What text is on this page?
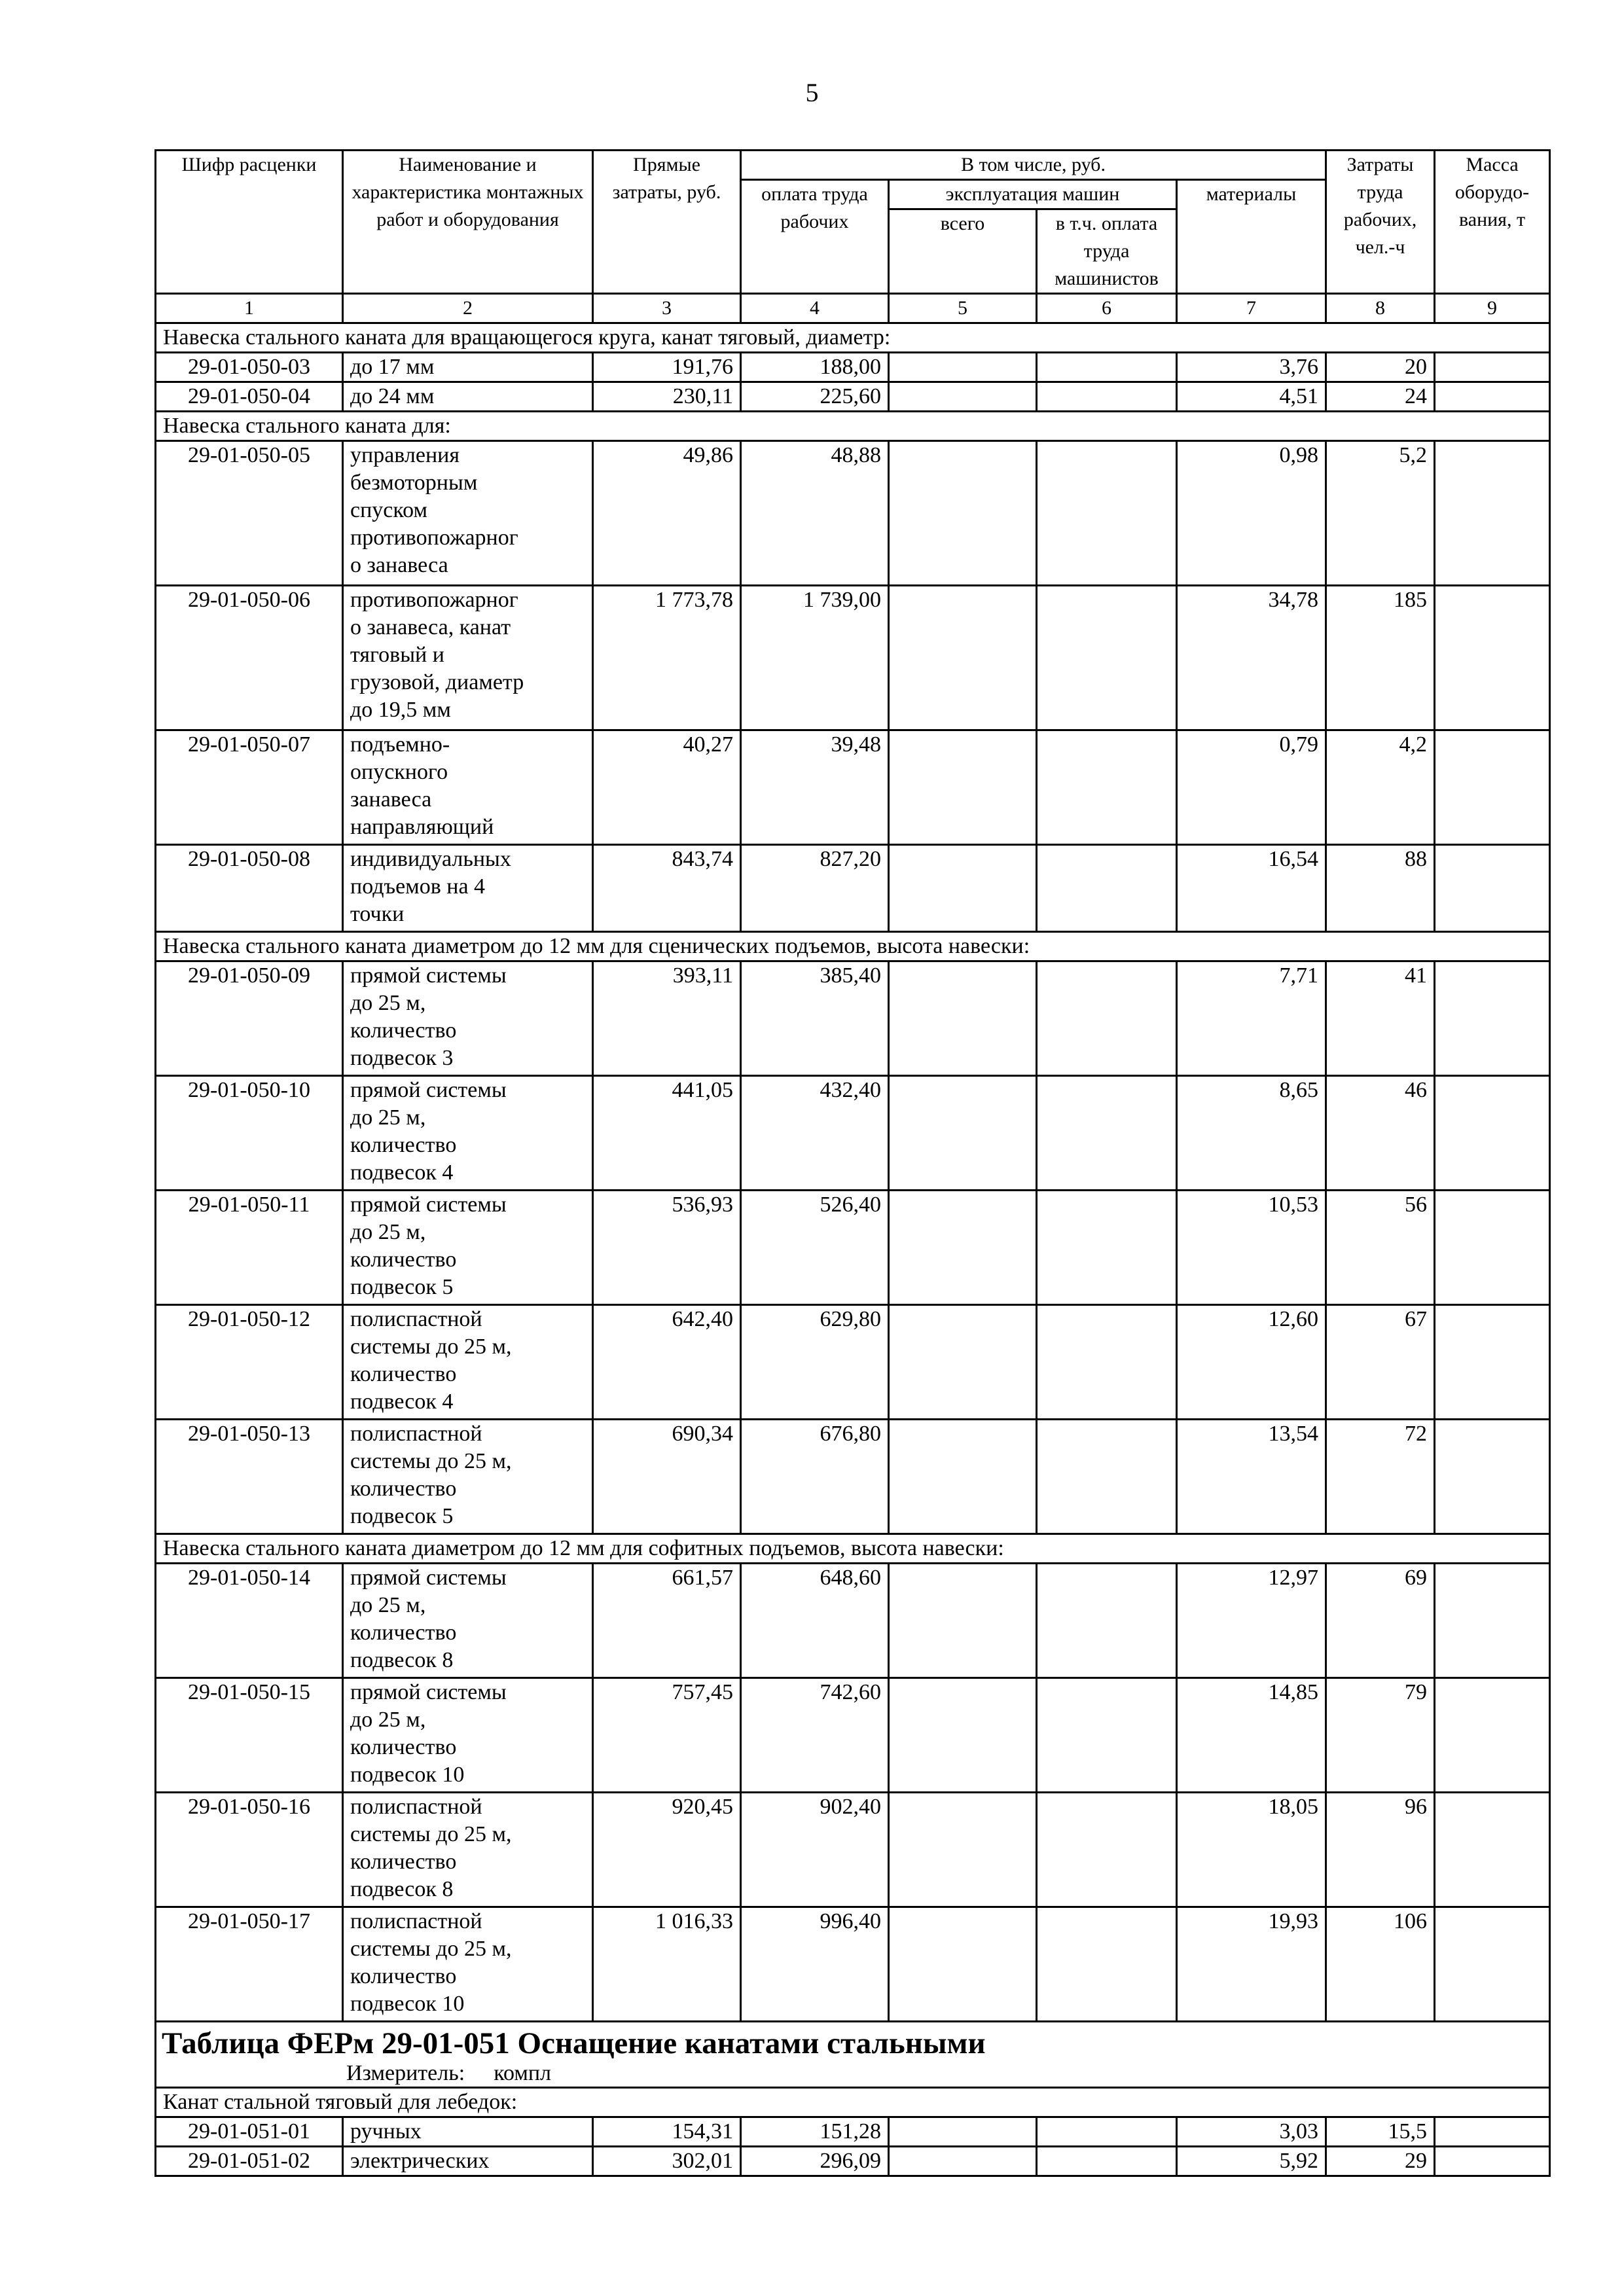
5
Шифр расценки	Наименование и характеристика монтажных работ и оборудования	Прямые затраты, руб.	В том числе, руб.				Затраты труда рабочих, чел.-ч	Масса оборудо-вания, т
			оплата труда рабочих	эксплуатация машин		материалы		
				всего	в т.ч. оплата труда машинистов			
1	2	3	4	5	6	7	8	9
Навеска стального каната для вращающегося круга, канат тяговый, диаметр:								
29-01-050-03	до 17 мм	191,76	188,00			3,76	20	
29-01-050-04	до 24 мм	230,11	225,60			4,51	24	
Навеска стального каната для:								
29-01-050-05	управления
безмоторным
спуском
противопожарног
о занавеса	49,86	48,88			0,98	5,2	
29-01-050-06	противопожарног
о занавеса, канат
тяговый и
грузовой, диаметр
до 19,5 мм	1 773,78	1 739,00			34,78	185	
29-01-050-07	подъемно-
опускного
занавеса
направляющий	40,27	39,48			0,79	4,2	
29-01-050-08	индивидуальных
подъемов на 4
точки	843,74	827,20			16,54	88	
Навеска стального каната диаметром до 12 мм для сценических подъемов, высота навески:								
29-01-050-09	прямой системы
до 25 м,
количество
подвесок 3	393,11	385,40			7,71	41	
29-01-050-10	прямой системы
до 25 м,
количество
подвесок 4	441,05	432,40			8,65	46	
29-01-050-11	прямой системы
до 25 м,
количество
подвесок 5	536,93	526,40			10,53	56	
29-01-050-12	полиспастной
системы до 25 м,
количество
подвесок 4	642,40	629,80			12,60	67	
29-01-050-13	полиспастной
системы до 25 м,
количество
подвесок 5	690,34	676,80			13,54	72	
Навеска стального каната диаметром до 12 мм для софитных подъемов, высота навески:								
29-01-050-14	прямой системы
до 25 м,
количество
подвесок 8	661,57	648,60			12,97	69	
29-01-050-15	прямой системы
до 25 м,
количество
подвесок 10	757,45	742,60			14,85	79	
29-01-050-16	полиспастной
системы до 25 м,
количество
подвесок 8	920,45	902,40			18,05	96	
29-01-050-17	полиспастной
системы до 25 м,
количество
подвесок 10	1 016,33	996,40			19,93	106	

Таблица ФЕРм 29-01-051 Оснащение канатами стальными
Измеритель: компл								

Канат стальной тяговый для лебедок:								
29-01-051-01	ручных	154,31	151,28			3,03	15,5	
29-01-051-02	электрических	302,01	296,09			5,92	29	
